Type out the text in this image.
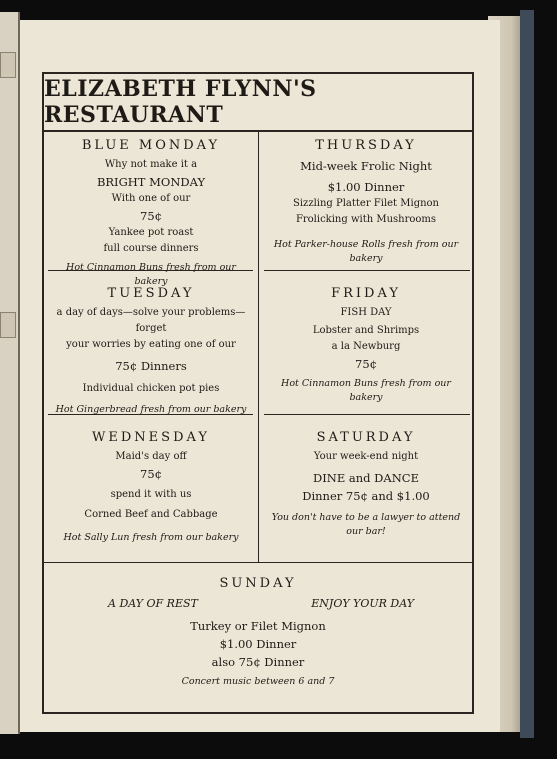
ELIZABETH FLYNN'S RESTAURANT
BLUE MONDAY
Why not make it a
BRIGHT MONDAY
With one of our
75¢
Yankee pot roast
full course dinners
Hot Cinnamon Buns fresh from our bakery
THURSDAY
Mid-week Frolic Night
$1.00 Dinner
Sizzling Platter Filet Mignon
Frolicking with Mushrooms
Hot Parker-house Rolls fresh from our bakery
TUESDAY
a day of days—solve your problems—forget
your worries by eating one of our
75¢ Dinners
Individual chicken pot pies
Hot Gingerbread fresh from our bakery
FRIDAY
FISH DAY
Lobster and Shrimps
a la Newburg
75¢
Hot Cinnamon Buns fresh from our bakery
WEDNESDAY
Maid's day off
75¢
spend it with us
Corned Beef and Cabbage
Hot Sally Lun fresh from our bakery
SATURDAY
Your week-end night
DINE and DANCE
Dinner 75¢ and $1.00
You don't have to be a lawyer to attend our bar!
SUNDAY
A DAY OF REST	ENJOY YOUR DAY
Turkey or Filet Mignon
$1.00 Dinner
also 75¢ Dinner
Concert music between 6 and 7
